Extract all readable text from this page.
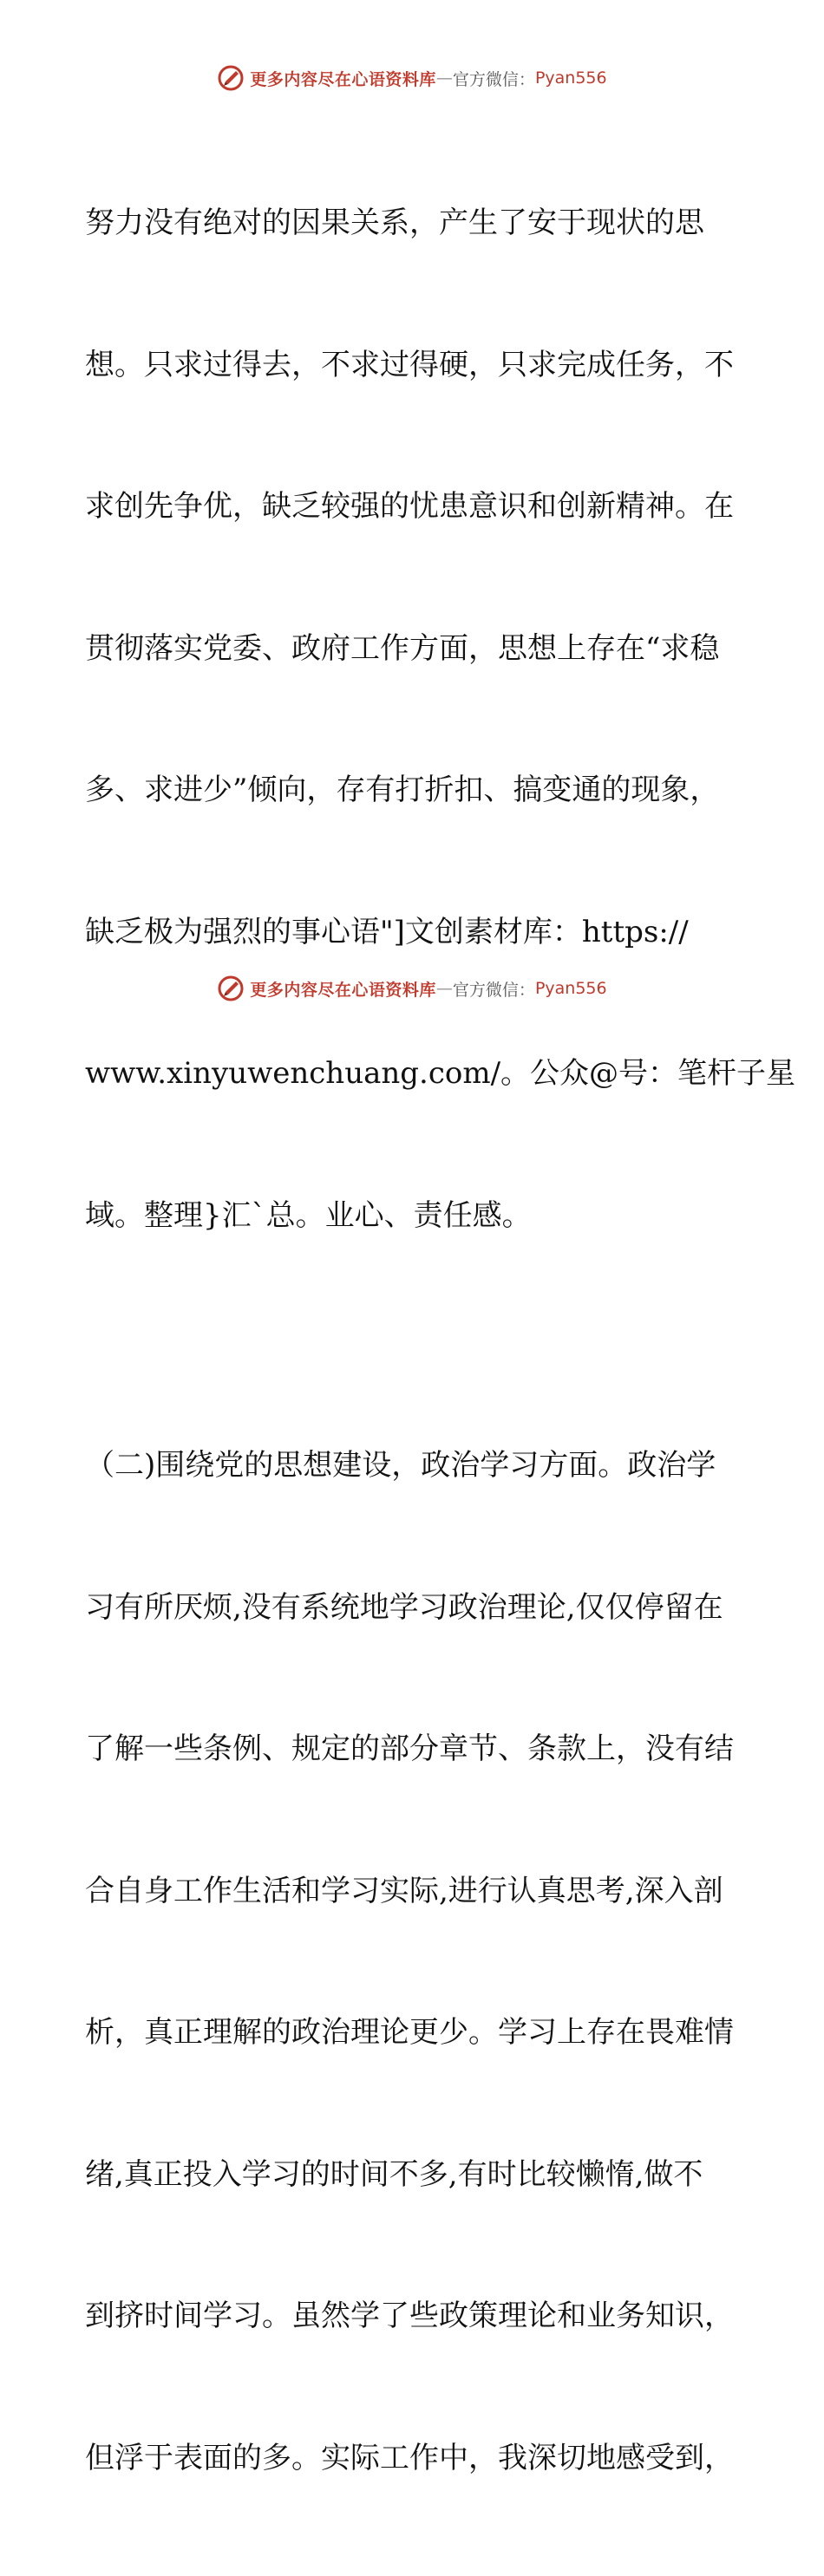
更多内容尽在心语资料库 — 官方微信： Pyan556

努力没有绝对的因果关系，产生了安于现状的思

想。只求过得去，不求过得硬，只求完成任务，不

求创先争优，缺乏较强的忧患意识和创新精神。在

贯彻落实党委、政府工作方面，思想上存在“求稳

多、求进少”倾向，存有打折扣、搞变通的现象，

缺乏极为强烈的事心语"]文创素材库：https://

www.xinyuwenchuang.com/。公众@号：笔杆子星

域。整理}汇`总。业心、责任感。

（二)围绕党的思想建设，政治学习方面。政治学

习有所厌烦,没有系统地学习政治理论,仅仅停留在

了解一些条例、规定的部分章节、条款上，没有结

合自身工作生活和学习实际,进行认真思考,深入剖

析，真正理解的政治理论更少。学习上存在畏难情

绪,真正投入学习的时间不多,有时比较懒惰,做不

到挤时间学习。虽然学了些政策理论和业务知识，

但浮于表面的多。实际工作中，我深切地感受到，

更多内容尽在心语资料库 — 官方微信： Pyan556
